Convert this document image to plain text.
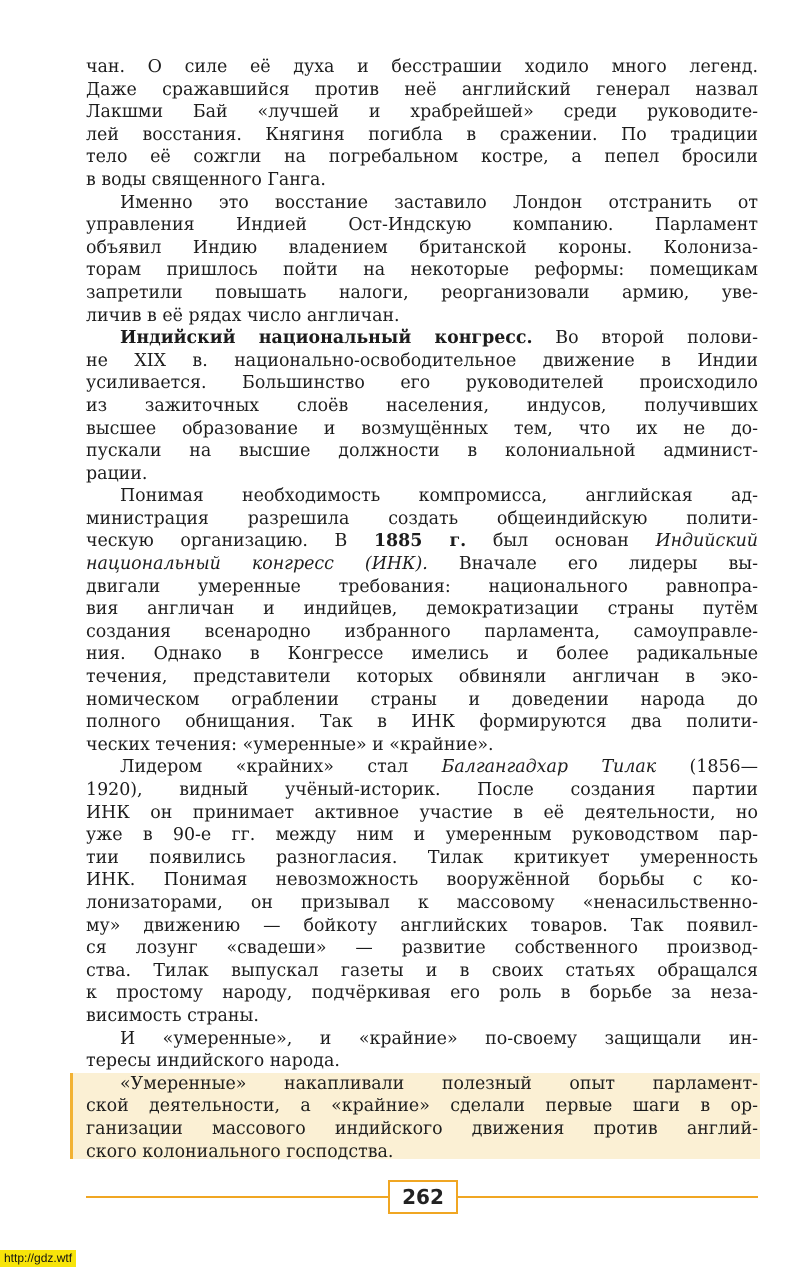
чан. О силе её духа и бесстрашии ходило много легенд.
Даже сражавшийся против неё английский генерал назвал
Лакшми Бай «лучшей и храбрейшей» среди руководите-
лей восстания. Княгиня погибла в сражении. По традиции
тело её сожгли на погребальном костре, а пепел бросили
в воды священного Ганга.
Именно это восстание заставило Лондон отстранить от
управления Индией Ост-Индскую компанию. Парламент
объявил Индию владением британской короны. Колониза-
торам пришлось пойти на некоторые реформы: помещикам
запретили повышать налоги, реорганизовали армию, уве-
личив в её рядах число англичан.
Индийский национальный конгресс. Во второй полови-
не XIX в. национально-освободительное движение в Индии
усиливается. Большинство его руководителей происходило
из зажиточных слоёв населения, индусов, получивших
высшее образование и возмущённых тем, что их не до-
пускали на высшие должности в колониальной админист-
рации.
Понимая необходимость компромисса, английская ад-
министрация разрешила создать общеиндийскую полити-
ческую организацию. В 1885 г. был основан Индийский
национальный конгресс (ИНК). Вначале его лидеры вы-
двигали умеренные требования: национального равнопра-
вия англичан и индийцев, демократизации страны путём
создания всенародно избранного парламента, самоуправле-
ния. Однако в Конгрессе имелись и более радикальные
течения, представители которых обвиняли англичан в эко-
номическом ограблении страны и доведении народа до
полного обнищания. Так в ИНК формируются два полити-
ческих течения: «умеренные» и «крайние».
Лидером «крайних» стал Балгангадхар Тилак (1856—
1920), видный учёный-историк. После создания партии
ИНК он принимает активное участие в её деятельности, но
уже в 90-е гг. между ним и умеренным руководством пар-
тии появились разногласия. Тилак критикует умеренность
ИНК. Понимая невозможность вооружённой борьбы с ко-
лонизаторами, он призывал к массовому «ненасильственно-
му» движению — бойкоту английских товаров. Так появил-
ся лозунг «свадеши» — развитие собственного производ-
ства. Тилак выпускал газеты и в своих статьях обращался
к простому народу, подчёркивая его роль в борьбе за неза-
висимость страны.
И «умеренные», и «крайние» по-своему защищали ин-
тересы индийского народа.
«Умеренные» накапливали полезный опыт парламент-
ской деятельности, а «крайние» сделали первые шаги в ор-
ганизации массового индийского движения против англий-
ского колониального господства.
262
http://gdz.wtf
